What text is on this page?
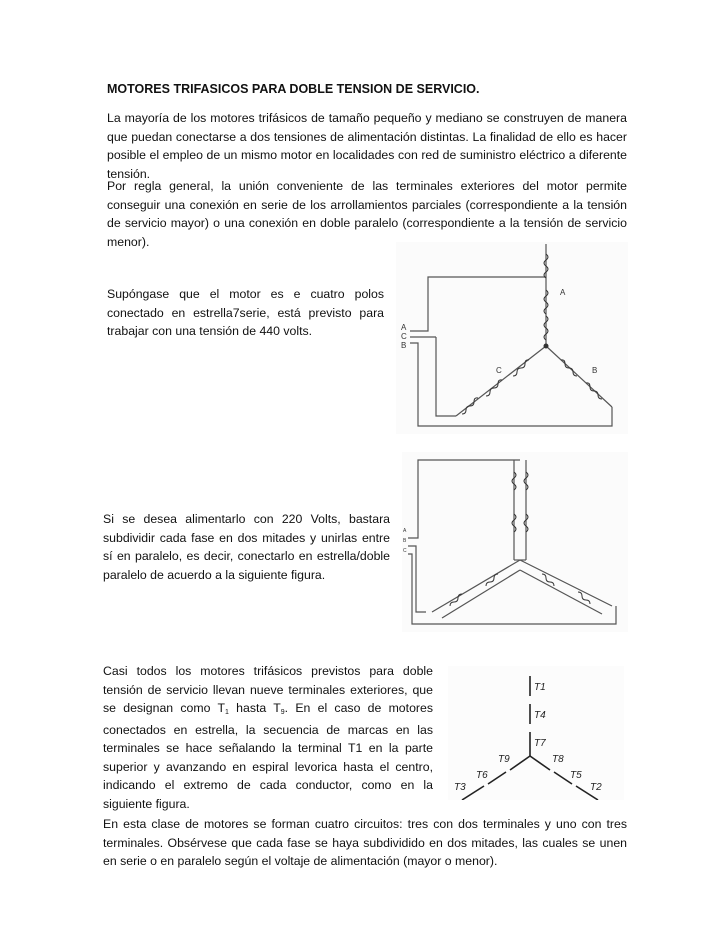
MOTORES TRIFASICOS PARA DOBLE TENSION DE SERVICIO.

La mayoría de los motores trifásicos de tamaño pequeño y mediano se construyen de manera que puedan conectarse a dos tensiones de alimentación distintas. La finalidad de ello es hacer posible el empleo de un mismo motor en localidades con red de suministro eléctrico a diferente tensión.

Por regla general, la unión conveniente de las terminales exteriores del motor permite conseguir una conexión en serie de los arrollamientos parciales (correspondiente a la tensión de servicio mayor) o una conexión en doble paralelo (correspondiente a la tensión de servicio menor).

Supóngase que el motor es e cuatro polos conectado en estrella7serie, está previsto para trabajar con una tensión de 440 volts.

Si se desea alimentarlo con 220 Volts, bastara subdividir cada fase en dos mitades y unirlas entre sí en paralelo, es decir, conectarlo en estrella/doble paralelo de acuerdo a la siguiente figura.

Casi todos los motores trifásicos previstos para doble tensión de servicio llevan nueve terminales exteriores, que se designan como T1 hasta T9. En el caso de motores conectados en estrella, la secuencia de marcas en las terminales se hace señalando la terminal T1 en la parte superior y avanzando en espiral levorica hasta el centro, indicando el extremo de cada conductor, como en la siguiente figura.

En esta clase de motores se forman cuatro circuitos: tres con dos terminales y uno con tres terminales. Obsérvese que cada fase se haya subdividido en dos mitades, las cuales se unen en serie o en paralelo según el voltaje de alimentación (mayor o menor).

A
C
B
A
B
C
A
B
C
T1
T4
T7
T9	T8
T6	T5
T3	T2
